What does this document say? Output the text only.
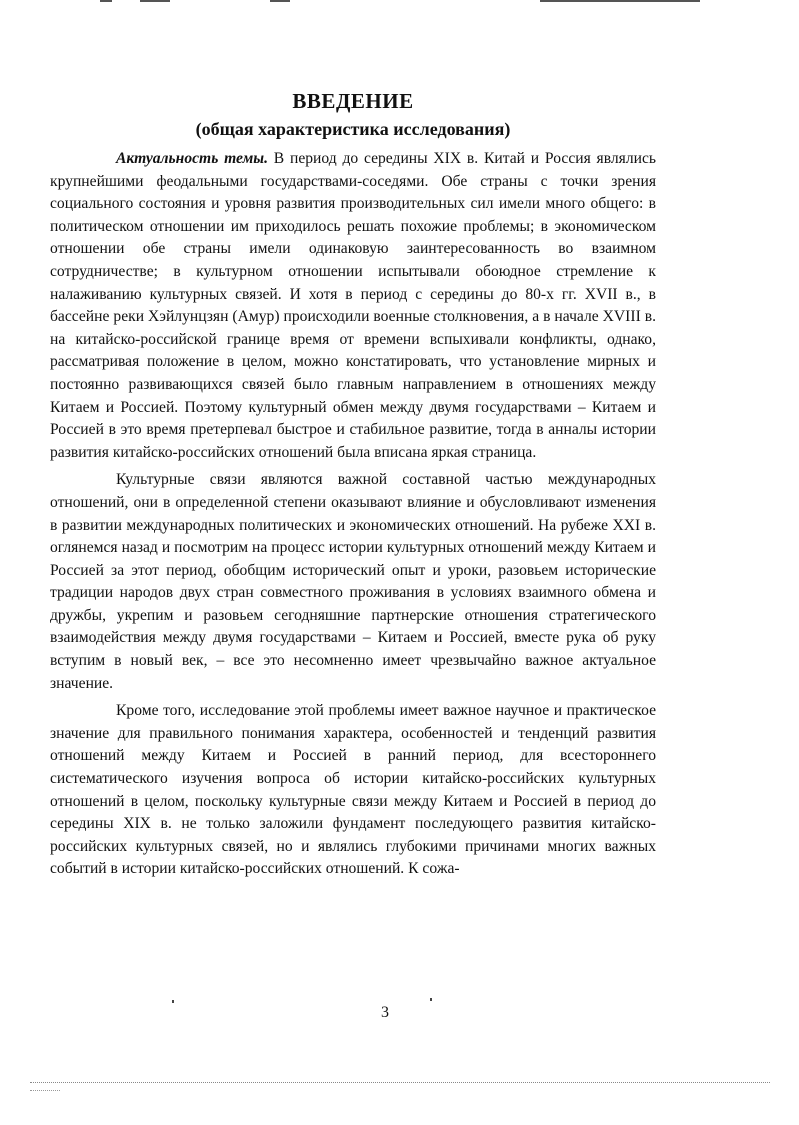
ВВЕДЕНИЕ
(общая характеристика исследования)

Актуальность темы. В период до середины XIX в. Китай и Россия являлись крупнейшими феодальными государствами-соседями. Обе страны с точки зрения социального состояния и уровня развития производительных сил имели много общего: в политическом отношении им приходилось решать похожие проблемы; в экономическом отношении обе страны имели одинаковую заинтересованность во взаимном сотрудничестве; в культурном отношении испытывали обоюдное стремление к налаживанию культурных связей. И хотя в период с середины до 80-х гг. XVII в., в бассейне реки Хэйлунцзян (Амур) происходили военные столкновения, а в начале XVIII в. на китайско-российской границе время от времени вспыхивали конфликты, однако, рассматривая положение в целом, можно констатировать, что установление мирных и постоянно развивающихся связей было главным направлением в отношениях между Китаем и Россией. Поэтому культурный обмен между двумя государствами – Китаем и Россией в это время претерпевал быстрое и стабильное развитие, тогда в анналы истории развития китайско-российских отношений была вписана яркая страница.

Культурные связи являются важной составной частью международных отношений, они в определенной степени оказывают влияние и обусловливают изменения в развитии международных политических и экономических отношений. На рубеже XXI в. оглянемся назад и посмотрим на процесс истории культурных отношений между Китаем и Россией за этот период, обобщим исторический опыт и уроки, разовьем исторические традиции народов двух стран совместного проживания в условиях взаимного обмена и дружбы, укрепим и разовьем сегодняшние партнерские отношения стратегического взаимодействия между двумя государствами – Китаем и Россией, вместе рука об руку вступим в новый век, – все это несомненно имеет чрезвычайно важное актуальное значение.

Кроме того, исследование этой проблемы имеет важное научное и практическое значение для правильного понимания характера, особенностей и тенденций развития отношений между Китаем и Россией в ранний период, для всестороннего систематического изучения вопроса об истории китайско-российских культурных отношений в целом, поскольку культурные связи между Китаем и Россией в период до середины XIX в. не только заложили фундамент последующего развития китайско-российских культурных связей, но и являлись глубокими причинами многих важных событий в истории китайско-российских отношений. К сожа-

3
